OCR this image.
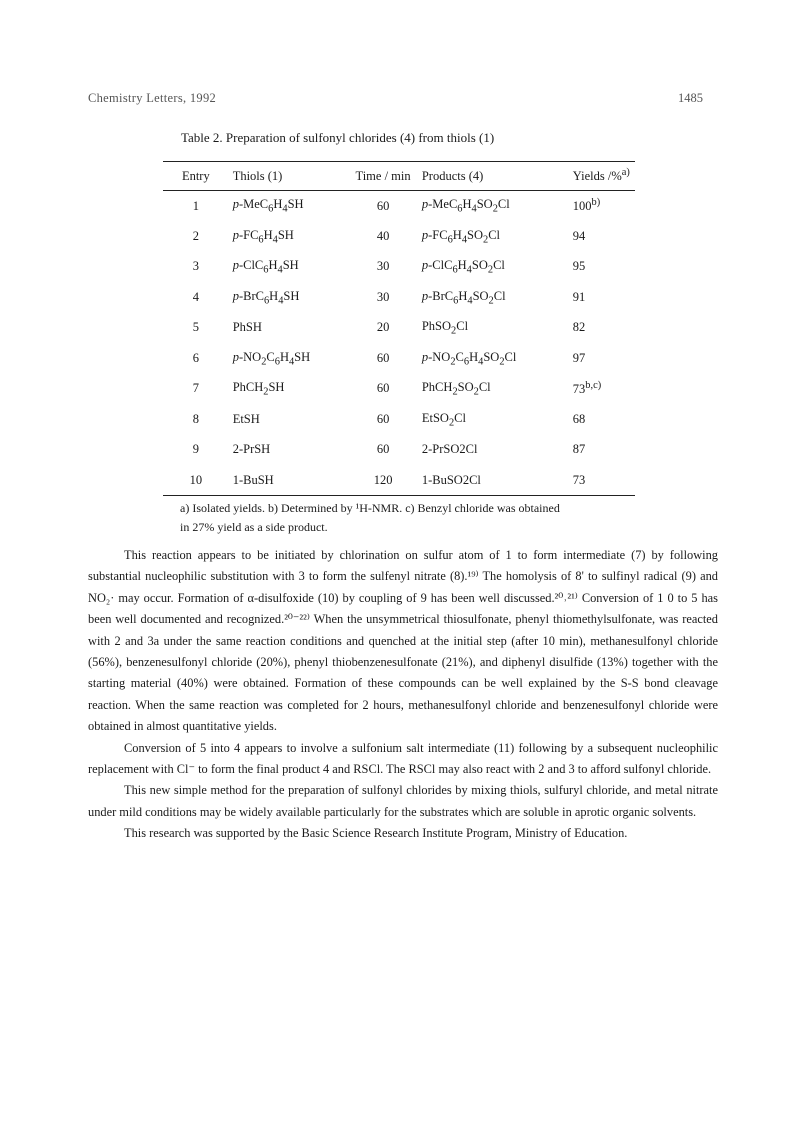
Chemistry Letters, 1992	1485
Table 2. Preparation of sulfonyl chlorides (4) from thiols (1)
Entry	Thiols (1)	Time / min	Products (4)	Yields /%$^{a)}$
1	$p-MeC_6H_4SH$	60	$p-MeC_6H_4SO_2Cl$	100$^{b)}$
2	$p-FC_6H_4SH$	40	$p-FC_6H_4SO_2Cl$	94
3	$p-ClC_6H_4SH$	30	$p-ClC_6H_4SO_2Cl$	95
4	$p-BrC_6H_4SH$	30	$p-BrC_6H_4SO_2Cl$	91
5	PhSH	20	PhSO$_2$Cl	82
6	$p-NO_2C_6H_4SH$	60	$p-NO_2C_6H_4SO_2Cl$	97
7	PhCH$_2$SH	60	$PhCH_2SO_2Cl$	73$^{b,c)}$
8	EtSH	60	EtSO$_2$Cl	68
9	2-PrSH	60	2-PrSO2Cl	87
10	1-BuSH	120	1-BuSO2Cl	73

a) Isolated yields. b) Determined by ¹H-NMR. c) Benzyl chloride was obtained

in 27% yield as a side product.

This reaction appears to be initiated by chlorination on sulfur atom of 1 to form intermediate (7) by following substantial nucleophilic substitution with 3 to form the sulfenyl nitrate (8).¹⁹⁾ The homolysis of 8' to sulfinyl radical (9) and NO₂· may occur. Formation of α-disulfoxide (10) by coupling of 9 has been well discussed.²⁰˒²¹⁾ Conversion of 1 0 to 5 has been well documented and recognized.²⁰⁻²²⁾ When the unsymmetrical thiosulfonate, phenyl thiomethylsulfonate, was reacted with 2 and 3a under the same reaction conditions and quenched at the initial step (after 10 min), methanesulfonyl chloride (56%), benzenesulfonyl chloride (20%), phenyl thiobenzenesulfonate (21%), and diphenyl disulfide (13%) together with the starting material (40%) were obtained. Formation of these compounds can be well explained by the S-S bond cleavage reaction. When the same reaction was completed for 2 hours, methanesulfonyl chloride and benzenesulfonyl chloride were obtained in almost quantitative yields.

Conversion of 5 into 4 appears to involve a sulfonium salt intermediate (11) following by a subsequent nucleophilic replacement with Cl⁻ to form the final product 4 and RSCl. The RSCl may also react with 2 and 3 to afford sulfonyl chloride.

This new simple method for the preparation of sulfonyl chlorides by mixing thiols, sulfuryl chloride, and metal nitrate under mild conditions may be widely available particularly for the substrates which are soluble in aprotic organic solvents.

This research was supported by the Basic Science Research Institute Program, Ministry of Education.
